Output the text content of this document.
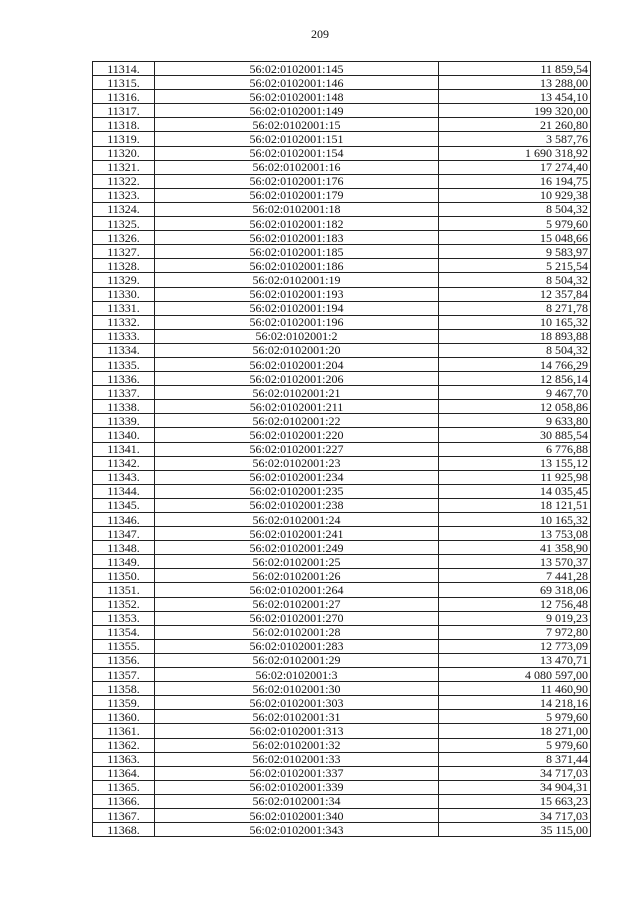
209
11314.	56:02:0102001:145	11 859,54
11315.	56:02:0102001:146	13 288,00
11316.	56:02:0102001:148	13 454,10
11317.	56:02:0102001:149	199 320,00
11318.	56:02:0102001:15	21 260,80
11319.	56:02:0102001:151	3 587,76
11320.	56:02:0102001:154	1 690 318,92
11321.	56:02:0102001:16	17 274,40
11322.	56:02:0102001:176	16 194,75
11323.	56:02:0102001:179	10 929,38
11324.	56:02:0102001:18	8 504,32
11325.	56:02:0102001:182	5 979,60
11326.	56:02:0102001:183	15 048,66
11327.	56:02:0102001:185	9 583,97
11328.	56:02:0102001:186	5 215,54
11329.	56:02:0102001:19	8 504,32
11330.	56:02:0102001:193	12 357,84
11331.	56:02:0102001:194	8 271,78
11332.	56:02:0102001:196	10 165,32
11333.	56:02:0102001:2	18 893,88
11334.	56:02:0102001:20	8 504,32
11335.	56:02:0102001:204	14 766,29
11336.	56:02:0102001:206	12 856,14
11337.	56:02:0102001:21	9 467,70
11338.	56:02:0102001:211	12 058,86
11339.	56:02:0102001:22	9 633,80
11340.	56:02:0102001:220	30 885,54
11341.	56:02:0102001:227	6 776,88
11342.	56:02:0102001:23	13 155,12
11343.	56:02:0102001:234	11 925,98
11344.	56:02:0102001:235	14 035,45
11345.	56:02:0102001:238	18 121,51
11346.	56:02:0102001:24	10 165,32
11347.	56:02:0102001:241	13 753,08
11348.	56:02:0102001:249	41 358,90
11349.	56:02:0102001:25	13 570,37
11350.	56:02:0102001:26	7 441,28
11351.	56:02:0102001:264	69 318,06
11352.	56:02:0102001:27	12 756,48
11353.	56:02:0102001:270	9 019,23
11354.	56:02:0102001:28	7 972,80
11355.	56:02:0102001:283	12 773,09
11356.	56:02:0102001:29	13 470,71
11357.	56:02:0102001:3	4 080 597,00
11358.	56:02:0102001:30	11 460,90
11359.	56:02:0102001:303	14 218,16
11360.	56:02:0102001:31	5 979,60
11361.	56:02:0102001:313	18 271,00
11362.	56:02:0102001:32	5 979,60
11363.	56:02:0102001:33	8 371,44
11364.	56:02:0102001:337	34 717,03
11365.	56:02:0102001:339	34 904,31
11366.	56:02:0102001:34	15 663,23
11367.	56:02:0102001:340	34 717,03
11368.	56:02:0102001:343	35 115,00
